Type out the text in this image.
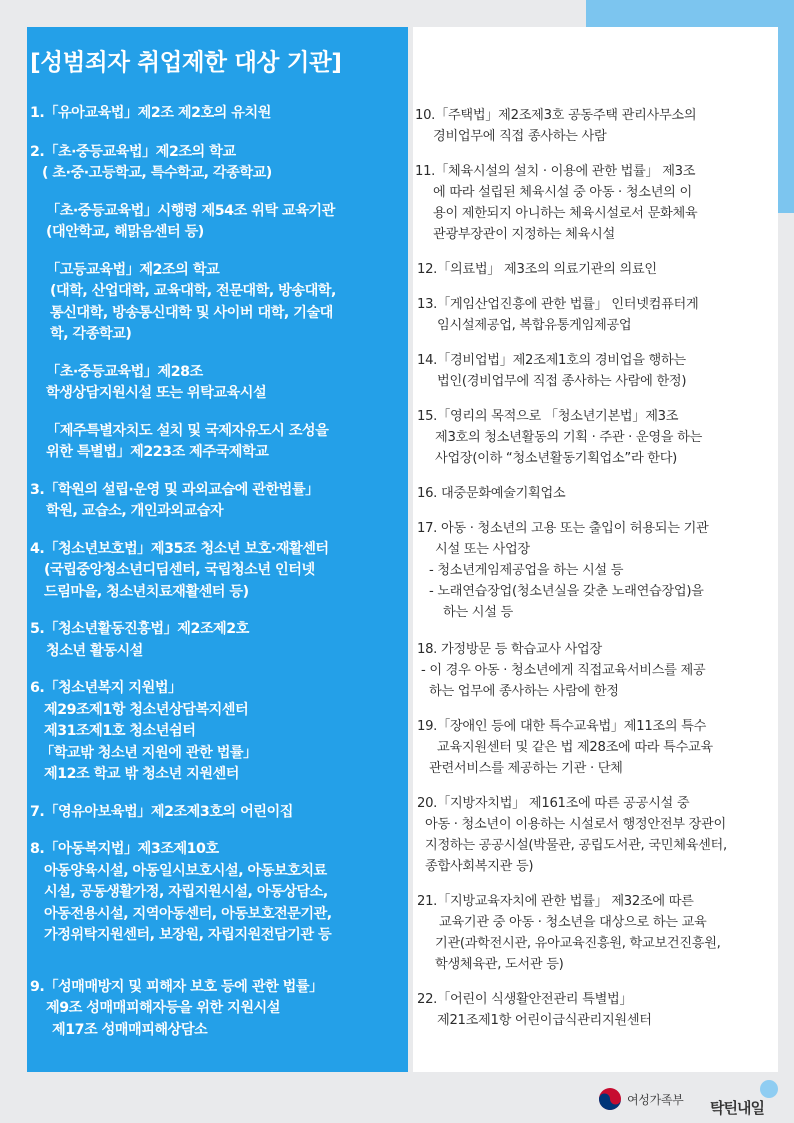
[성범죄자 취업제한 대상 기관]
1.「유아교육법」제2조 제2호의 유치원
2.「초·중등교육법」제2조의 학교
( 초·중·고등학교, 특수학교, 각종학교)
「초·중등교육법」시행령 제54조 위탁 교육기관
(대안학교, 해맑음센터 등)
「고등교육법」제2조의 학교
(대학, 산업대학, 교육대학, 전문대학, 방송대학,
통신대학, 방송통신대학 및 사이버 대학, 기술대
학, 각종학교)
「초·중등교육법」제28조
학생상담지원시설 또는 위탁교육시설
「제주특별자치도 설치 및 국제자유도시 조성을
위한 특별법」제223조 제주국제학교
3.「학원의 설립·운영 및 과외교습에 관한법률」
학원, 교습소, 개인과외교습자
4.「청소년보호법」제35조 청소년 보호·재활센터
(국립중앙청소년디딤센터, 국립청소년 인터넷
드림마을, 청소년치료재활센터 등)
5.「청소년활동진흥법」제2조제2호
청소년 활동시설
6.「청소년복지 지원법」
제29조제1항 청소년상담복지센터
제31조제1호 청소년쉼터
「학교밖 청소년 지원에 관한 법률」
제12조 학교 밖 청소년 지원센터
7.「영유아보육법」제2조제3호의 어린이집
8.「아동복지법」제3조제10호
아동양육시설, 아동일시보호시설, 아동보호치료
시설, 공동생활가정, 자립지원시설, 아동상담소,
아동전용시설, 지역아동센터, 아동보호전문기관,
가정위탁지원센터, 보장원, 자립지원전담기관 등
9.「성매매방지 및 피해자 보호 등에 관한 법률」
제9조 성매매피해자등을 위한 지원시설
제17조 성매매피해상담소
10.「주택법」제2조제3호 공동주택 관리사무소의
경비업무에 직접 종사하는 사람
11.「체육시설의 설치 · 이용에 관한 법률」 제3조
에 따라 설립된 체육시설 중 아동 · 청소년의 이
용이 제한되지 아니하는 체육시설로서 문화체육
관광부장관이 지정하는 체육시설
12.「의료법」 제3조의 의료기관의 의료인
13.「게임산업진흥에 관한 법률」 인터넷컴퓨터게
임시설제공업, 복합유통게임제공업
14.「경비업법」제2조제1호의 경비업을 행하는
법인(경비업무에 직접 종사하는 사람에 한정)
15.「영리의 목적으로 「청소년기본법」제3조
제3호의 청소년활동의 기획 · 주관 · 운영을 하는
사업장(이하 “청소년활동기획업소”라 한다)
16. 대중문화예술기획업소
17. 아동 · 청소년의 고용 또는 출입이 허용되는 기관
시설 또는 사업장
- 청소년게임제공업을 하는 시설 등
- 노래연습장업(청소년실을 갖춘 노래연습장업)을
하는 시설 등
18. 가정방문 등 학습교사 사업장
- 이 경우 아동 · 청소년에게 직접교육서비스를 제공
하는 업무에 종사하는 사람에 한정
19.「장애인 등에 대한 특수교육법」제11조의 특수
교육지원센터 및 같은 법 제28조에 따라 특수교육
관련서비스를 제공하는 기관 · 단체
20.「지방자치법」 제161조에 따른 공공시설 중
아동 · 청소년이 이용하는 시설로서 행정안전부 장관이
지정하는 공공시설(박물관, 공립도서관, 국민체육센터,
종합사회복지관 등)
21.「지방교육자치에 관한 법률」 제32조에 따른
교육기관 중 아동 · 청소년을 대상으로 하는 교육
기관(과학전시관, 유아교육진흥원, 학교보건진흥원,
학생체육관, 도서관 등)
22.「어린이 식생활안전관리 특별법」
제21조제1항 어린이급식관리지원센터
여성가족부 탁틴내일
